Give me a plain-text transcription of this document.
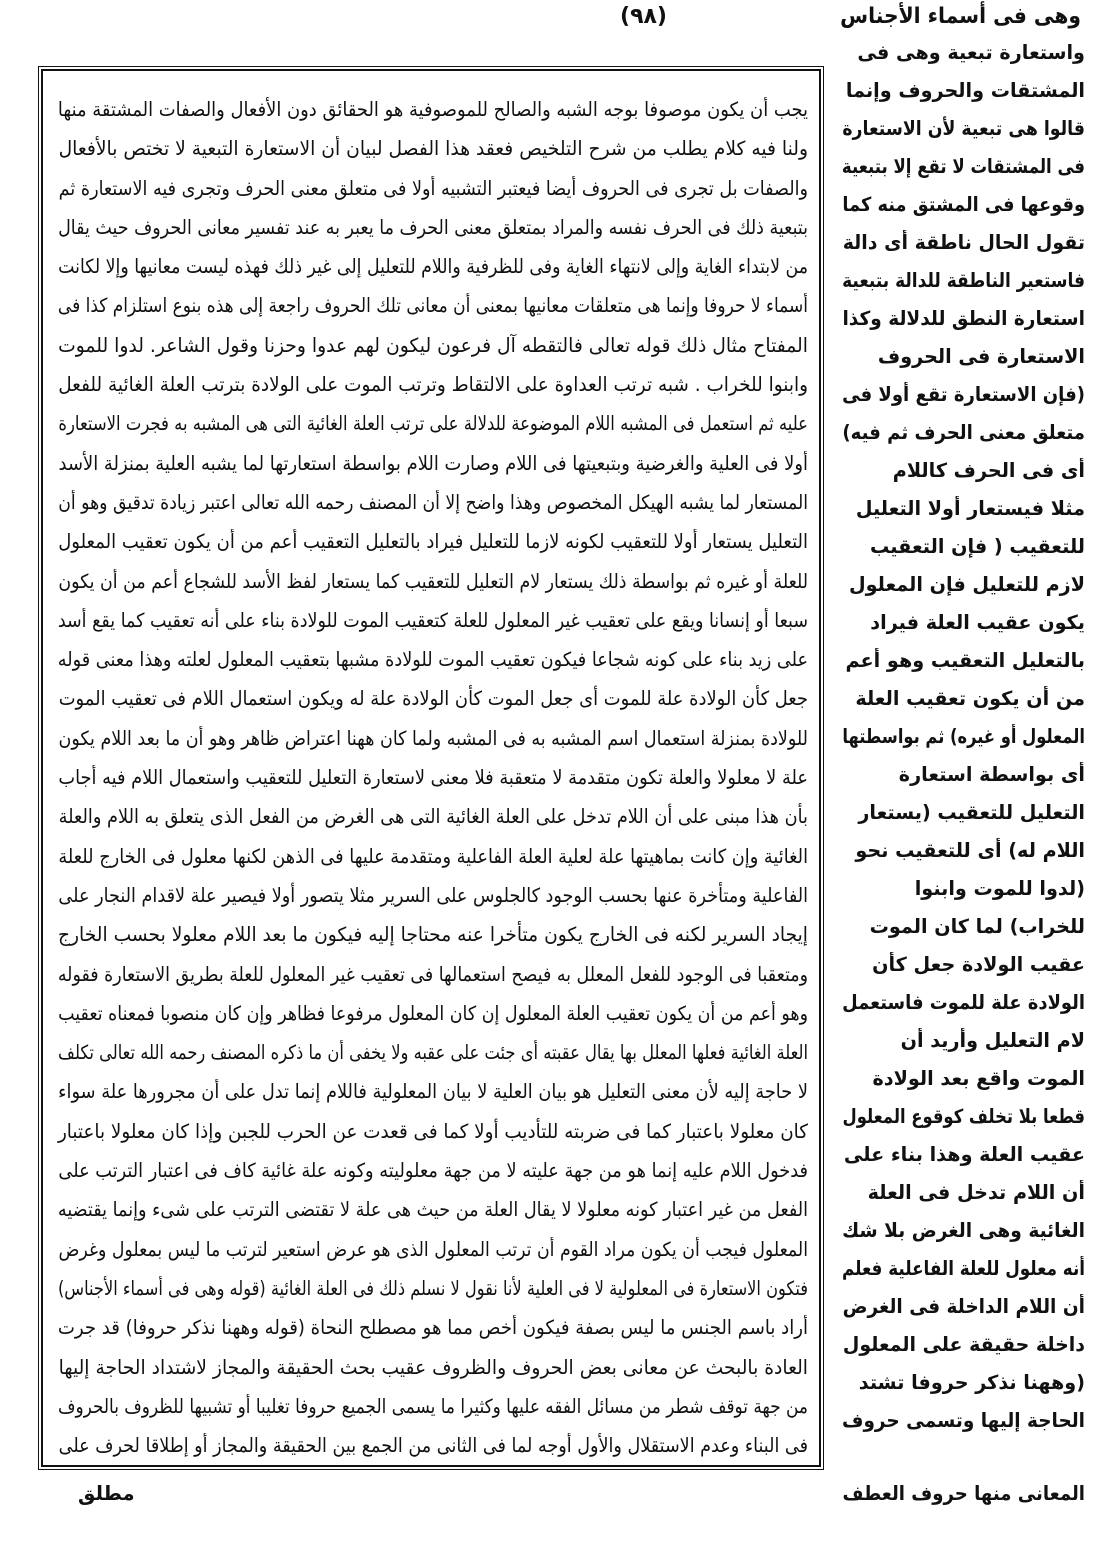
وهى فى أسماء الأجناس
(٩٨)
يجب أن يكون موصوفا بوجه الشبه والصالح للموصوفية هو الحقائق دون الأفعال والصفات المشتقة منها
ولنا فيه كلام يطلب من شرح التلخيص فعقد هذا الفصل لبيان أن الاستعارة التبعية لا تختص بالأفعال
والصفات بل تجرى فى الحروف أيضا فيعتبر التشبيه أولا فى متعلق معنى الحرف وتجرى فيه الاستعارة ثم
بتبعية ذلك فى الحرف نفسه والمراد بمتعلق معنى الحرف ما يعبر به عند تفسير معانى الحروف حيث يقال
من لابتداء الغاية وإلى لانتهاء الغاية وفى للظرفية واللام للتعليل إلى غير ذلك فهذه ليست معانيها وإلا لكانت
أسماء لا حروفا وإنما هى متعلقات معانيها بمعنى أن معانى تلك الحروف راجعة إلى هذه بنوع استلزام كذا فى
المفتاح مثال ذلك قوله تعالى فالتقطه آل فرعون ليكون لهم عدوا وحزنا وقول الشاعر. لدوا للموت
وابنوا للخراب . شبه ترتب العداوة على الالتقاط وترتب الموت على الولادة بترتب العلة الغائية للفعل
عليه ثم استعمل فى المشبه اللام الموضوعة للدلالة على ترتب العلة الغائية التى هى المشبه به فجرت الاستعارة
أولا فى العلية والغرضية وبتبعيتها فى اللام وصارت اللام بواسطة استعارتها لما يشبه العلية بمنزلة الأسد
المستعار لما يشبه الهيكل المخصوص وهذا واضح إلا أن المصنف رحمه الله تعالى اعتبر زيادة تدقيق وهو أن
التعليل يستعار أولا للتعقيب لكونه لازما للتعليل فيراد بالتعليل التعقيب أعم من أن يكون تعقيب المعلول
للعلة أو غيره ثم بواسطة ذلك يستعار لام التعليل للتعقيب كما يستعار لفظ الأسد للشجاع أعم من أن يكون
سبعا أو إنسانا ويقع على تعقيب غير المعلول للعلة كتعقيب الموت للولادة بناء على أنه تعقيب كما يقع أسد
على زيد بناء على كونه شجاعا فيكون تعقيب الموت للولادة مشبها بتعقيب المعلول لعلته وهذا معنى قوله
جعل كأن الولادة علة للموت أى جعل الموت كأن الولادة علة له ويكون استعمال اللام فى تعقيب الموت
للولادة بمنزلة استعمال اسم المشبه به فى المشبه ولما كان ههنا اعتراض ظاهر وهو أن ما بعد اللام يكون
علة لا معلولا والعلة تكون متقدمة لا متعقبة فلا معنى لاستعارة التعليل للتعقيب واستعمال اللام فيه أجاب
بأن هذا مبنى على أن اللام تدخل على العلة الغائية التى هى الغرض من الفعل الذى يتعلق به اللام والعلة
الغائية وإن كانت بماهيتها علة لعلية العلة الفاعلية ومتقدمة عليها فى الذهن لكنها معلول فى الخارج للعلة
الفاعلية ومتأخرة عنها بحسب الوجود كالجلوس على السرير مثلا يتصور أولا فيصير علة لاقدام النجار على
إيجاد السرير لكنه فى الخارج يكون متأخرا عنه محتاجا إليه فيكون ما بعد اللام معلولا بحسب الخارج
ومتعقبا فى الوجود للفعل المعلل به فيصح استعمالها فى تعقيب غير المعلول للعلة بطريق الاستعارة فقوله
وهو أعم من أن يكون تعقيب العلة المعلول إن كان المعلول مرفوعا فظاهر وإن كان منصوبا فمعناه تعقيب
العلة الغائية فعلها المعلل بها يقال عقبته أى جئت على عقبه ولا يخفى أن ما ذكره المصنف رحمه الله تعالى تكلف
لا حاجة إليه لأن معنى التعليل هو بيان العلية لا بيان المعلولية فاللام إنما تدل على أن مجرورها علة سواء
كان معلولا باعتبار كما فى ضربته للتأديب أولا كما فى قعدت عن الحرب للجبن وإذا كان معلولا باعتبار
فدخول اللام عليه إنما هو من جهة عليته لا من جهة معلوليته وكونه علة غائية كاف فى اعتبار الترتب على
الفعل من غير اعتبار كونه معلولا لا يقال العلة من حيث هى علة لا تقتضى الترتب على شىء وإنما يقتضيه
المعلول فيجب أن يكون مراد القوم أن ترتب المعلول الذى هو عرض استعير لترتب ما ليس بمعلول وغرض
فتكون الاستعارة فى المعلولية لا فى العلية لأنا نقول لا نسلم ذلك فى العلة الغائية (قوله وهى فى أسماء الأجناس)
أراد باسم الجنس ما ليس بصفة فيكون أخص مما هو مصطلح النحاة (قوله وههنا نذكر حروفا) قد جرت
العادة بالبحث عن معانى بعض الحروف والظروف عقيب بحث الحقيقة والمجاز لاشتداد الحاجة إليها
من جهة توقف شطر من مسائل الفقه عليها وكثيرا ما يسمى الجميع حروفا تغليبا أو تشبيها للظروف بالحروف
فى البناء وعدم الاستقلال والأول أوجه لما فى الثانى من الجمع بين الحقيقة والمجاز أو إطلاقا لحرف على
واستعارة تبعية وهى فى
المشتقات والحروف وإنما
قالوا هى تبعية لأن الاستعارة
فى المشتقات لا تقع إلا بتبعية
وقوعها فى المشتق منه كما
تقول الحال ناطقة أى دالة
فاستعير الناطقة للدالة بتبعية
استعارة النطق للدلالة وكذا
الاستعارة فى الحروف
(فإن الاستعارة تقع أولا فى
متعلق معنى الحرف ثم فيه)
أى فى الحرف كاللام
مثلا فيستعار أولا التعليل
للتعقيب ( فإن التعقيب
لازم للتعليل فإن المعلول
يكون عقيب العلة فيراد
بالتعليل التعقيب وهو أعم
من أن يكون تعقيب العلة
المعلول أو غيره) ثم بواسطتها
أى بواسطة استعارة
التعليل للتعقيب (يستعار
اللام له) أى للتعقيب نحو
(لدوا للموت وابنوا
للخراب) لما كان الموت
عقيب الولادة جعل كأن
الولادة علة للموت فاستعمل
لام التعليل وأريد أن
الموت واقع بعد الولادة
قطعا بلا تخلف كوقوع المعلول
عقيب العلة وهذا بناء على
أن اللام تدخل فى العلة
الغائية وهى الغرض بلا شك
أنه معلول للعلة الفاعلية فعلم
أن اللام الداخلة فى الغرض
داخلة حقيقة على المعلول
(وههنا نذكر حروفا تشتد
الحاجة إليها وتسمى حروف
المعانى منها حروف العطف
مطلق
